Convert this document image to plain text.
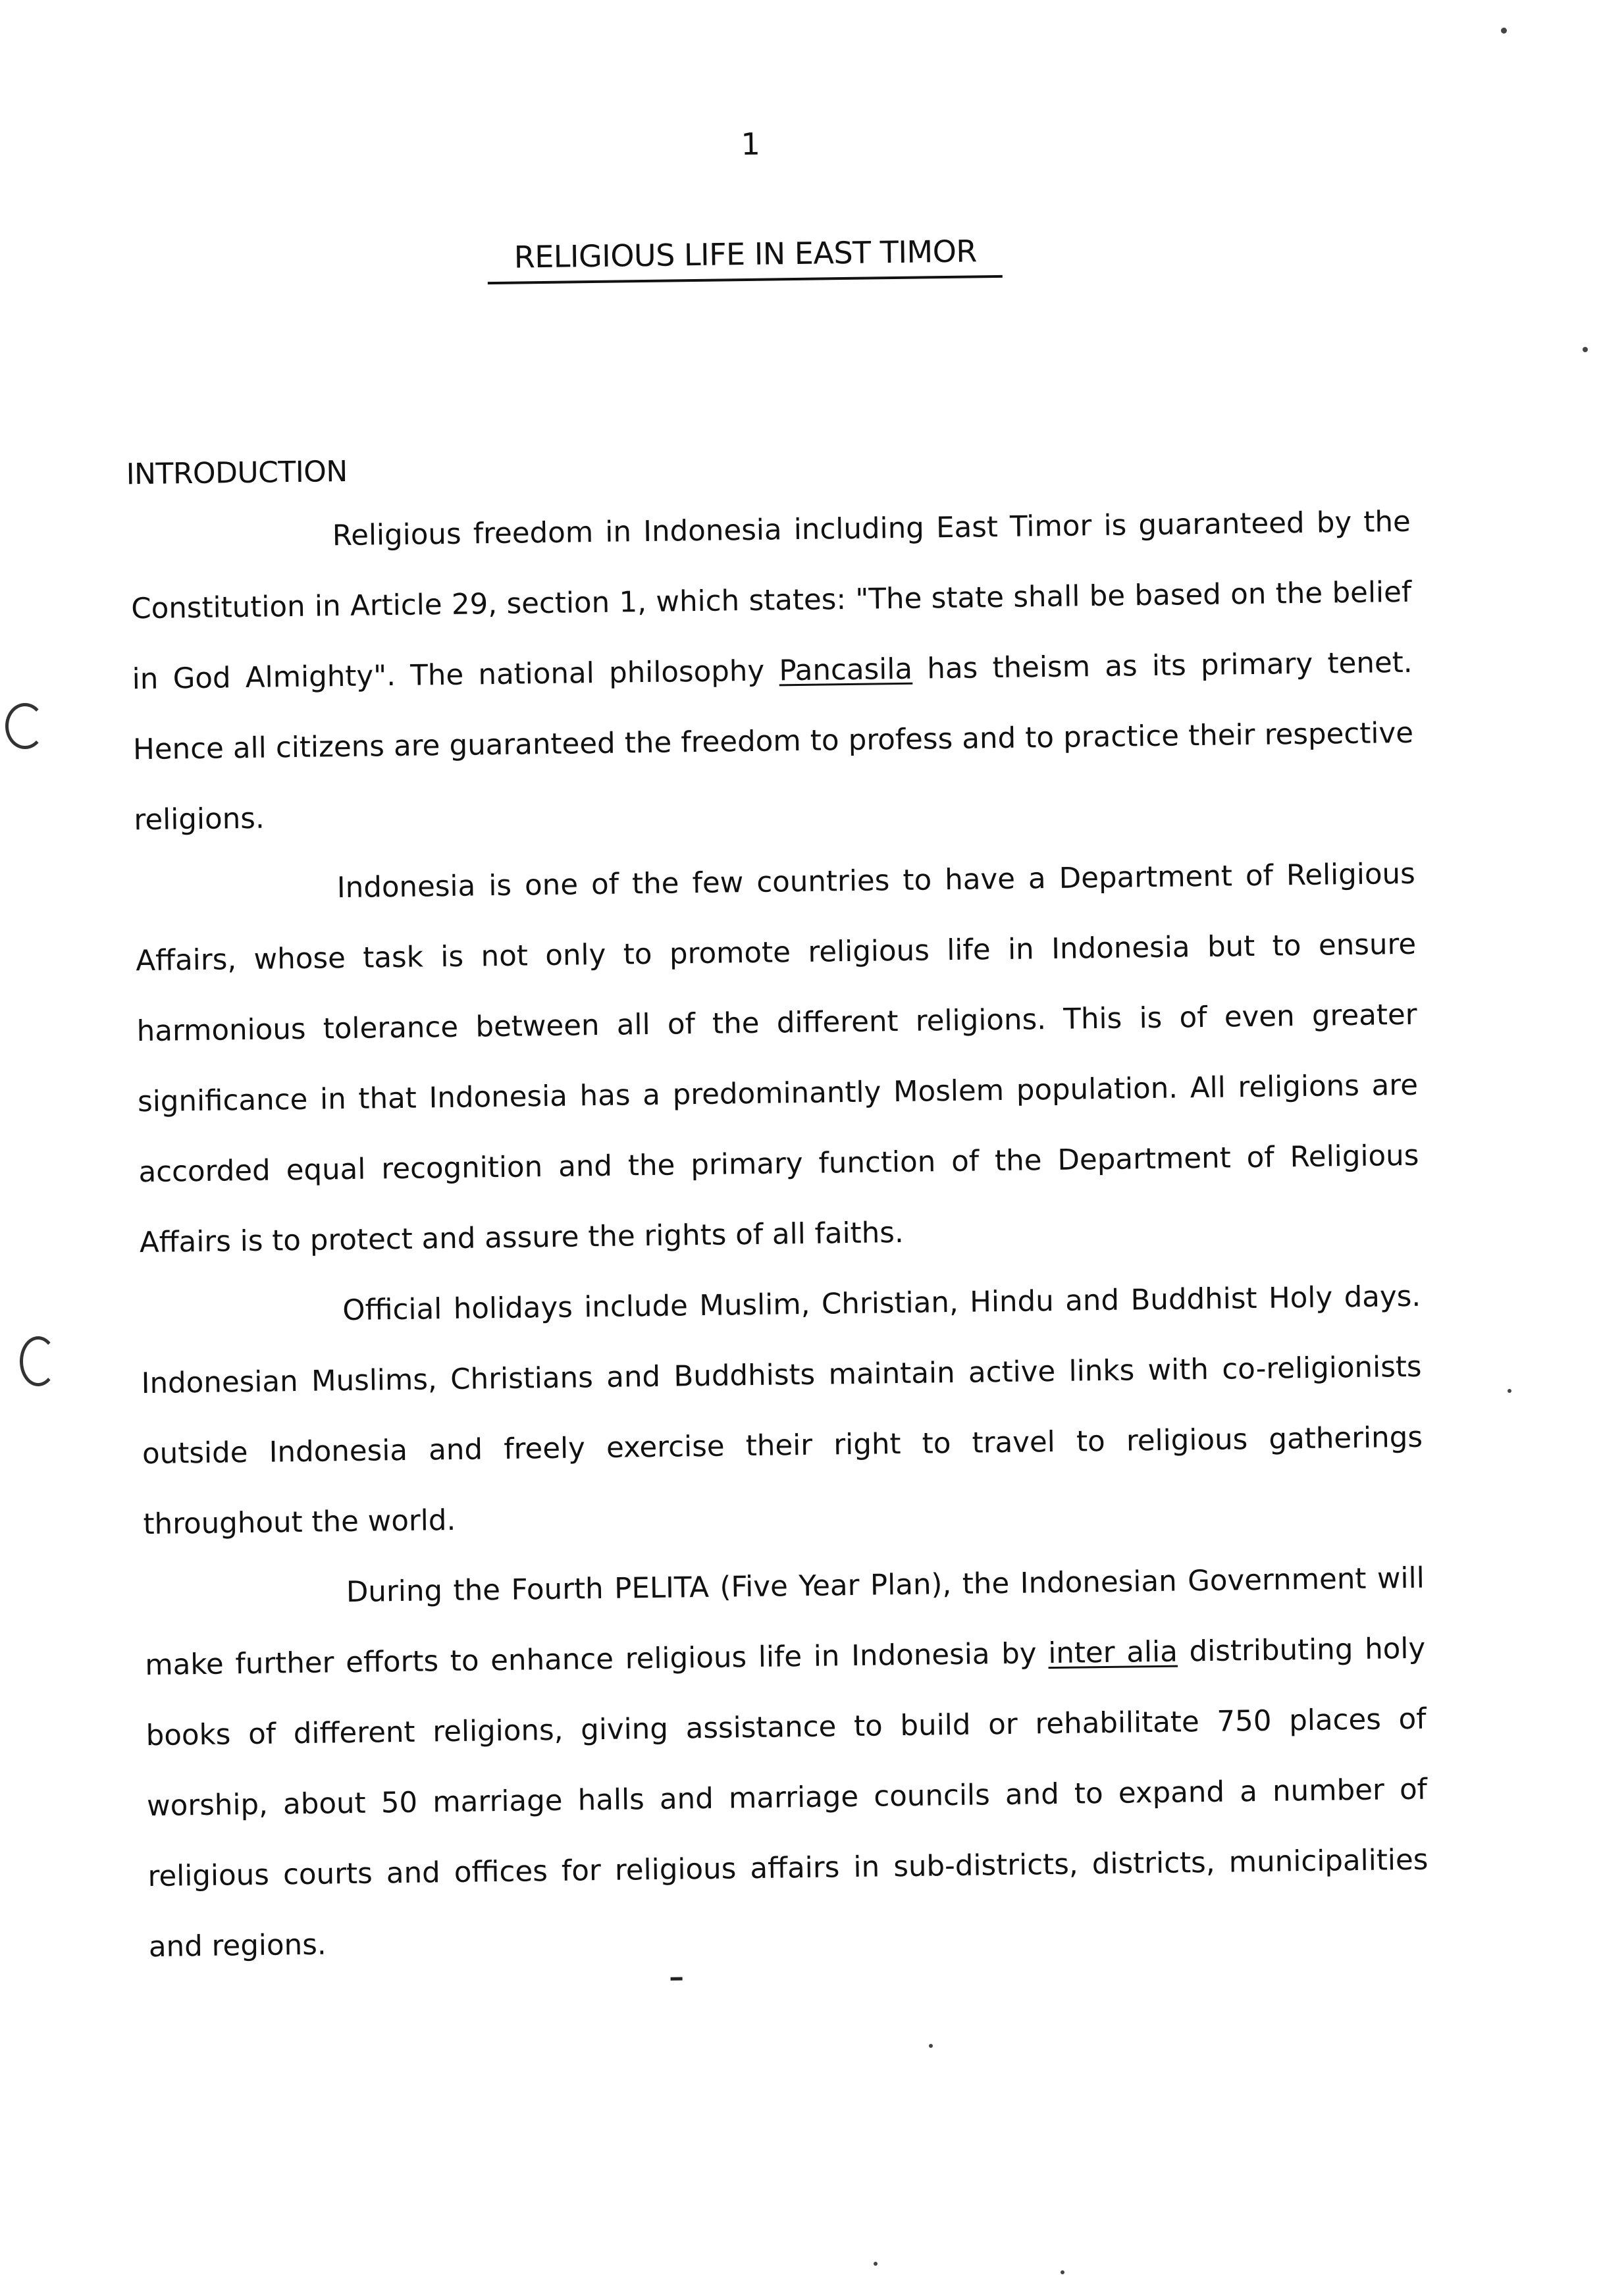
1
RELIGIOUS LIFE IN EAST TIMOR
INTRODUCTION

Religious freedom in Indonesia including East Timor is guaranteed by the Constitution in Article 29, section 1, which states: "The state shall be based on the belief in God Almighty". The national philosophy Pancasila has theism as its primary tenet. Hence all citizens are guaranteed the freedom to profess and to practice their respective religions.

Indonesia is one of the few countries to have a Department of Religious Affairs, whose task is not only to promote religious life in Indonesia but to ensure harmonious tolerance between all of the different religions. This is of even greater significance in that Indonesia has a predominantly Moslem population. All religions are accorded equal recognition and the primary function of the Department of Religious Affairs is to protect and assure the rights of all faiths.

Official holidays include Muslim, Christian, Hindu and Buddhist Holy days. Indonesian Muslims, Christians and Buddhists maintain active links with co-religionists outside Indonesia and freely exercise their right to travel to religious gatherings throughout the world.

During the Fourth PELITA (Five Year Plan), the Indonesian Government will make further efforts to enhance religious life in Indonesia by inter alia distributing holy books of different religions, giving assistance to build or rehabilitate 750 places of worship, about 50 marriage halls and marriage councils and to expand a number of religious courts and offices for religious affairs in sub-districts, districts, municipalities and regions.
